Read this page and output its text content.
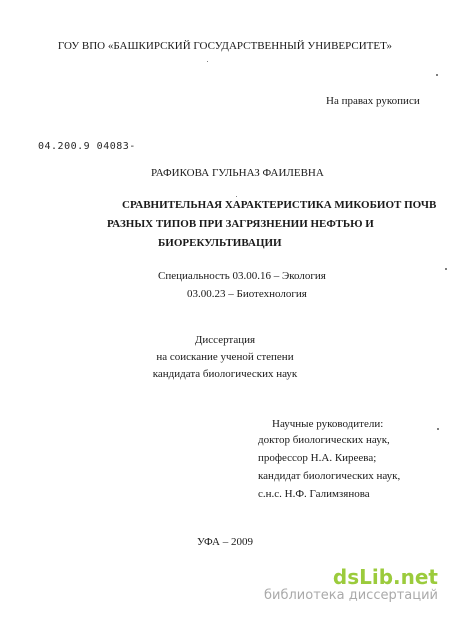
ГОУ ВПО «БАШКИРСКИЙ ГОСУДАРСТВЕННЫЙ УНИВЕРСИТЕТ»
На правах рукописи
04.200.9 04083-
РАФИКОВА ГУЛЬНАЗ ФАИЛЕВНА
СРАВНИТЕЛЬНАЯ ХАРАКТЕРИСТИКА МИКОБИОТ ПОЧВ
РАЗНЫХ ТИПОВ ПРИ ЗАГРЯЗНЕНИИ НЕФТЬЮ И
БИОРЕКУЛЬТИВАЦИИ
Специальность 03.00.16 – Экология
03.00.23 – Биотехнология
Диссертация
на соискание ученой степени
кандидата биологических наук
Научные руководители:
доктор биологических наук,
профессор Н.А. Киреева;
кандидат биологических наук,
с.н.с. Н.Ф. Галимзянова
УФА – 2009
dsLib.net
библиотека диссертаций
